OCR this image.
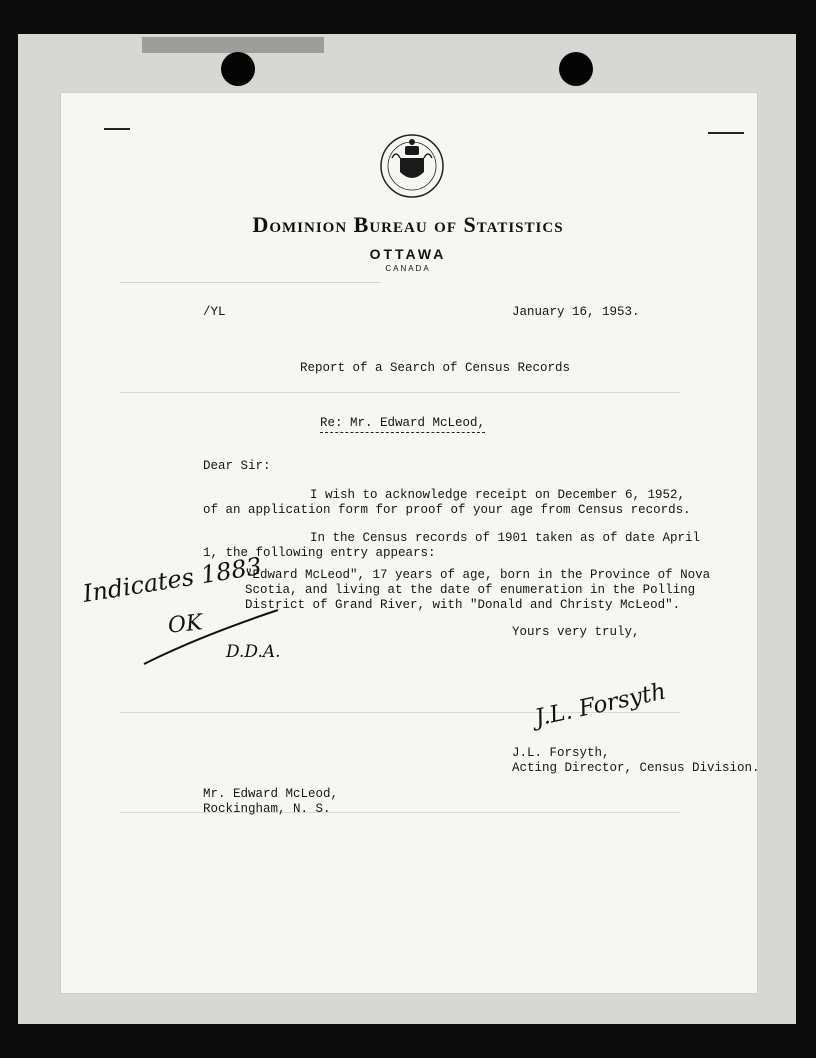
Dominion Bureau of Statistics
OTTAWA
CANADA
/YL	January 16, 1953.
Report of a Search of Census Records
Re: Mr. Edward McLeod,
Dear Sir:
I wish to acknowledge receipt on December 6, 1952,
of an application form for proof of your age from Census records.
In the Census records of 1901 taken as of date April
1, the following entry appears:
"Edward McLeod", 17 years of age, born in the Province of Nova
Scotia, and living at the date of enumeration in the Polling
District of Grand River, with "Donald and Christy McLeod".
Yours very truly,
Indicates 1883
OK
D.D.A.
J.L. Forsyth
J.L. Forsyth,
Acting Director, Census Division.
Mr. Edward McLeod,
Rockingham, N. S.
